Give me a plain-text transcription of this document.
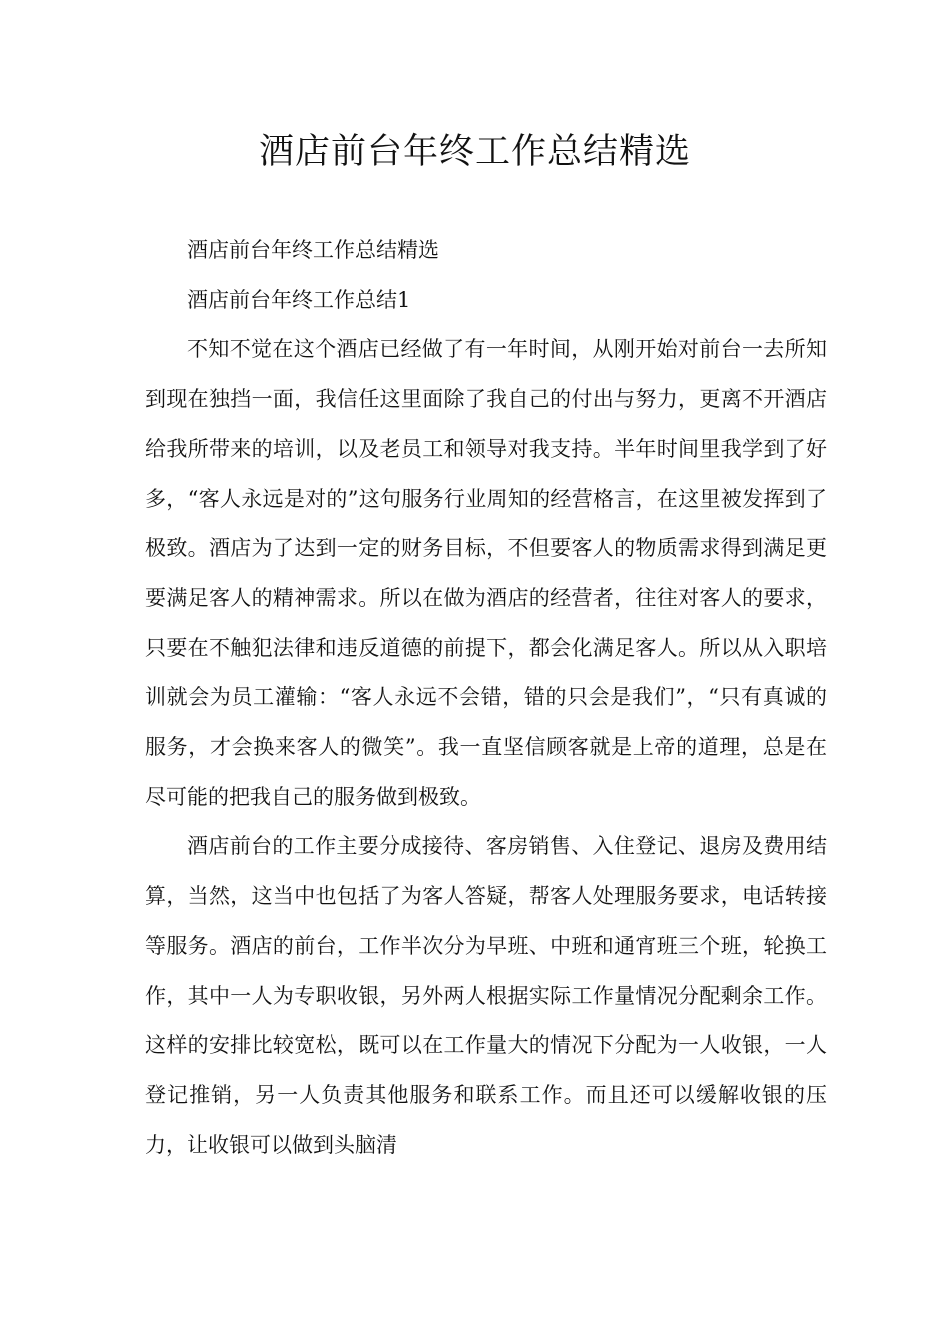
酒店前台年终工作总结精选

酒店前台年终工作总结精选

酒店前台年终工作总结1

不知不觉在这个酒店已经做了有一年时间，从刚开始对前台一去所知到现在独挡一面，我信任这里面除了我自己的付出与努力，更离不开酒店给我所带来的培训，以及老员工和领导对我支持。半年时间里我学到了好多，“客人永远是对的”这句服务行业周知的经营格言，在这里被发挥到了极致。酒店为了达到一定的财务目标，不但要客人的物质需求得到满足更要满足客人的精神需求。所以在做为酒店的经营者，往往对客人的要求，只要在不触犯法律和违反道德的前提下，都会化满足客人。所以从入职培训就会为员工灌输：“客人永远不会错，错的只会是我们”，“只有真诚的服务，才会换来客人的微笑”。我一直坚信顾客就是上帝的道理，总是在尽可能的把我自己的服务做到极致。

酒店前台的工作主要分成接待、客房销售、入住登记、退房及费用结算，当然，这当中也包括了为客人答疑，帮客人处理服务要求，电话转接等服务。酒店的前台，工作半次分为早班、中班和通宵班三个班，轮换工作，其中一人为专职收银，另外两人根据实际工作量情况分配剩余工作。这样的安排比较宽松，既可以在工作量大的情况下分配为一人收银，一人登记推销，另一人负责其他服务和联系工作。而且还可以缓解收银的压力，让收银可以做到头脑清
